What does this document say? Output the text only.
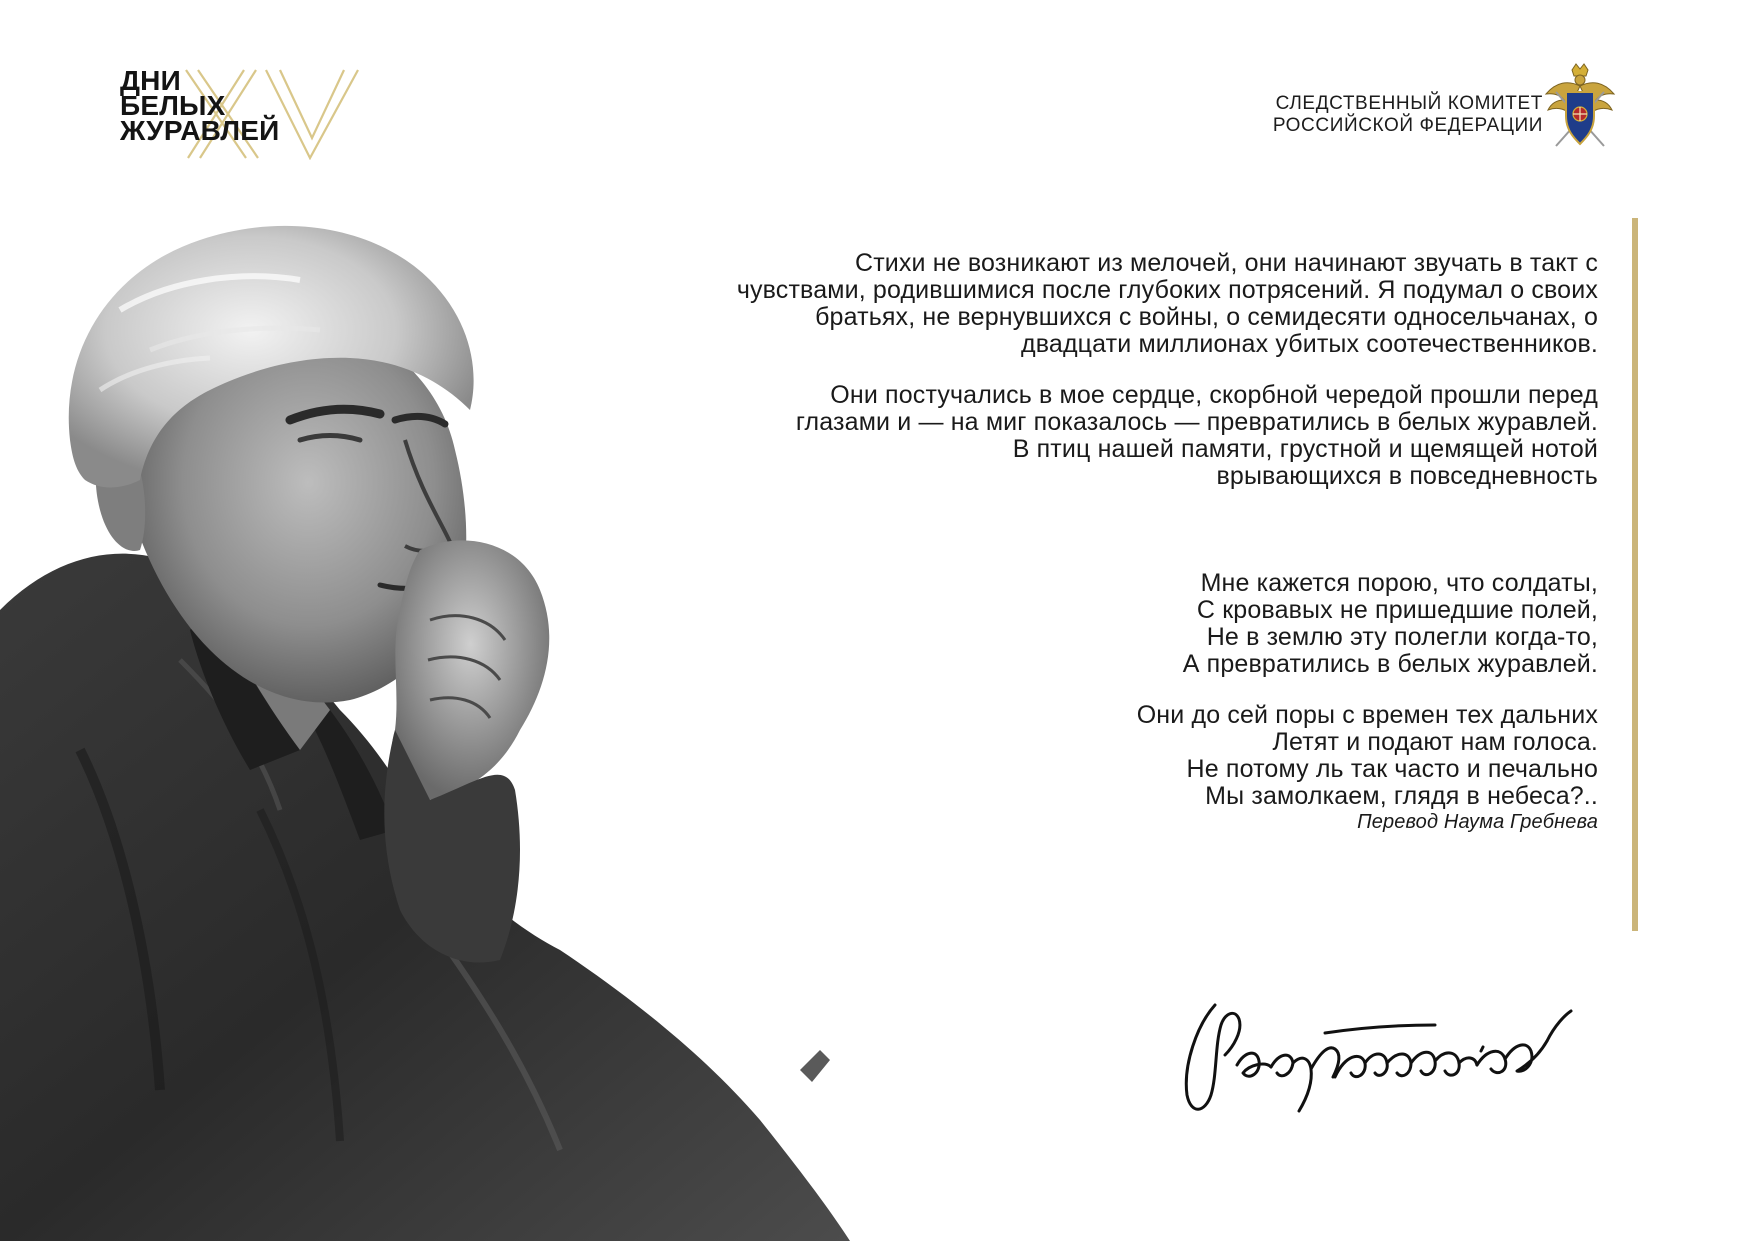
ДНИ
БЕЛЫХ
ЖУРАВЛЕЙ
СЛЕДСТВЕННЫЙ КОМИТЕТ
РОССИЙСКОЙ ФЕДЕРАЦИИ

Стихи не возникают из мелочей, они начинают звучать в такт с
чувствами, родившимися после глубоких потрясений. Я подумал о своих
братьях, не вернувшихся с войны, о семидесяти односельчанах, о
двадцати миллионах убитых соотечественников.

Они постучались в мое сердце, скорбной чередой прошли перед
глазами и — на миг показалось — превратились в белых журавлей.
В птиц нашей памяти, грустной и щемящей нотой
врывающихся в повседневность

Мне кажется порою, что солдаты,
С кровавых не пришедшие полей,
Не в землю эту полегли когда-то,
А превратились в белых журавлей.

Они до сей поры с времен тех дальних
Летят и подают нам голоса.
Не потому ль так часто и печально
Мы замолкаем, глядя в небеса?..

Перевод Наума Гребнева
